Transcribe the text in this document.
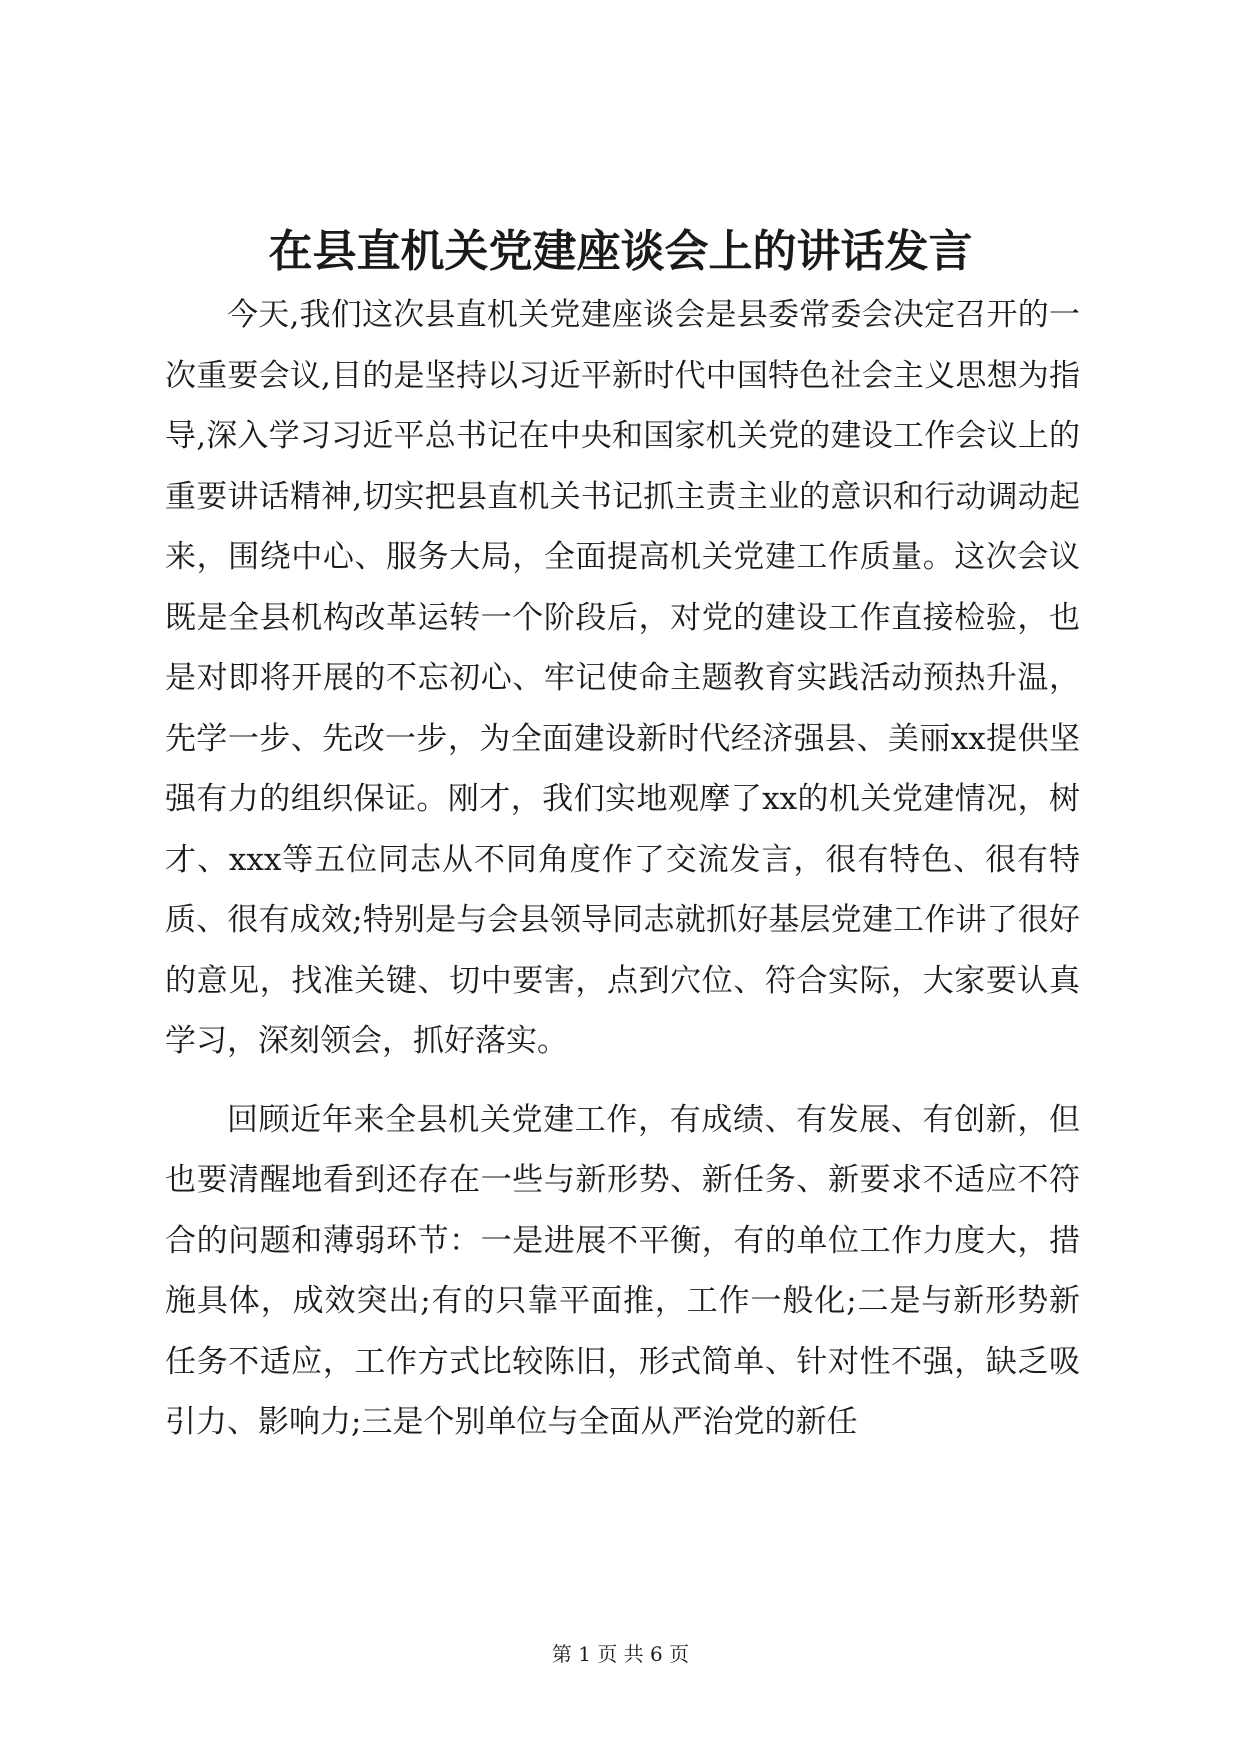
在县直机关党建座谈会上的讲话发言

今天,我们这次县直机关党建座谈会是县委常委会决定召开的一次重要会议,目的是坚持以习近平新时代中国特色社会主义思想为指导,深入学习习近平总书记在中央和国家机关党的建设工作会议上的重要讲话精神,切实把县直机关书记抓主责主业的意识和行动调动起来，围绕中心、服务大局，全面提高机关党建工作质量。这次会议既是全县机构改革运转一个阶段后，对党的建设工作直接检验，也是对即将开展的不忘初心、牢记使命主题教育实践活动预热升温，先学一步、先改一步，为全面建设新时代经济强县、美丽xx提供坚强有力的组织保证。刚才，我们实地观摩了xx的机关党建情况，树才、xxx等五位同志从不同角度作了交流发言，很有特色、很有特质、很有成效;特别是与会县领导同志就抓好基层党建工作讲了很好的意见，找准关键、切中要害，点到穴位、符合实际，大家要认真学习，深刻领会，抓好落实。

回顾近年来全县机关党建工作，有成绩、有发展、有创新，但也要清醒地看到还存在一些与新形势、新任务、新要求不适应不符合的问题和薄弱环节：一是进展不平衡，有的单位工作力度大，措施具体，成效突出;有的只靠平面推，工作一般化;二是与新形势新任务不适应，工作方式比较陈旧，形式简单、针对性不强，缺乏吸引力、影响力;三是个别单位与全面从严治党的新任

第 1 页 共 6 页
